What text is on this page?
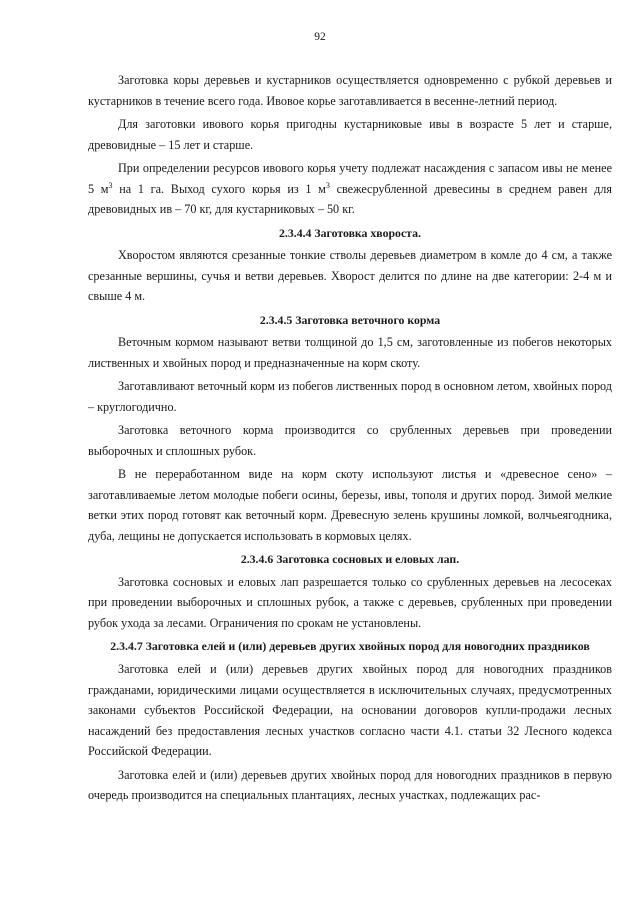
92

Заготовка коры деревьев и кустарников осуществляется одновременно с рубкой деревьев и кустарников в течение всего года. Ивовое корье заготавливается в весенне-летний период.

Для заготовки ивового корья пригодны кустарниковые ивы в возрасте 5 лет и старше, древовидные – 15 лет и старше.

При определении ресурсов ивового корья учету подлежат насаждения с запасом ивы не менее 5 $м^3$ на 1 га. Выход сухого корья из 1 $м^3$ свежесрубленной древесины в среднем равен для древовидных ив – 70 кг, для кустарниковых – 50 кг.

2.3.4.4 Заготовка хвороста.

Хворостом являются срезанные тонкие стволы деревьев диаметром в комле до 4 см, а также срезанные вершины, сучья и ветви деревьев. Хворост делится по длине на две категории: 2-4 м и свыше 4 м.

2.3.4.5 Заготовка веточного корма

Веточным кормом называют ветви толщиной до 1,5 см, заготовленные из побегов некоторых лиственных и хвойных пород и предназначенные на корм скоту.

Заготавливают веточный корм из побегов лиственных пород в основном летом, хвойных пород – круглогодично.

Заготовка веточного корма производится со срубленных деревьев при проведении выборочных и сплошных рубок.

В не переработанном виде на корм скоту используют листья и «древесное сено» – заготавливаемые летом молодые побеги осины, березы, ивы, тополя и других пород. Зимой мелкие ветки этих пород готовят как веточный корм. Древесную зелень крушины ломкой, волчьеягодника, дуба, лещины не допускается использовать в кормовых целях.

2.3.4.6 Заготовка сосновых и еловых лап.

Заготовка сосновых и еловых лап разрешается только со срубленных деревьев на лесосеках при проведении выборочных и сплошных рубок, а также с деревьев, срубленных при проведении рубок ухода за лесами. Ограничения по срокам не установлены.

2.3.4.7 Заготовка елей и (или) деревьев других хвойных пород для новогодних праздников

Заготовка елей и (или) деревьев других хвойных пород для новогодних праздников гражданами, юридическими лицами осуществляется в исключительных случаях, предусмотренных законами субъектов Российской Федерации, на основании договоров купли-продажи лесных насаждений без предоставления лесных участков согласно части 4.1. статьи 32 Лесного кодекса Российской Федерации.

Заготовка елей и (или) деревьев других хвойных пород для новогодних праздников в первую очередь производится на специальных плантациях, лесных участках, подлежащих рас-
